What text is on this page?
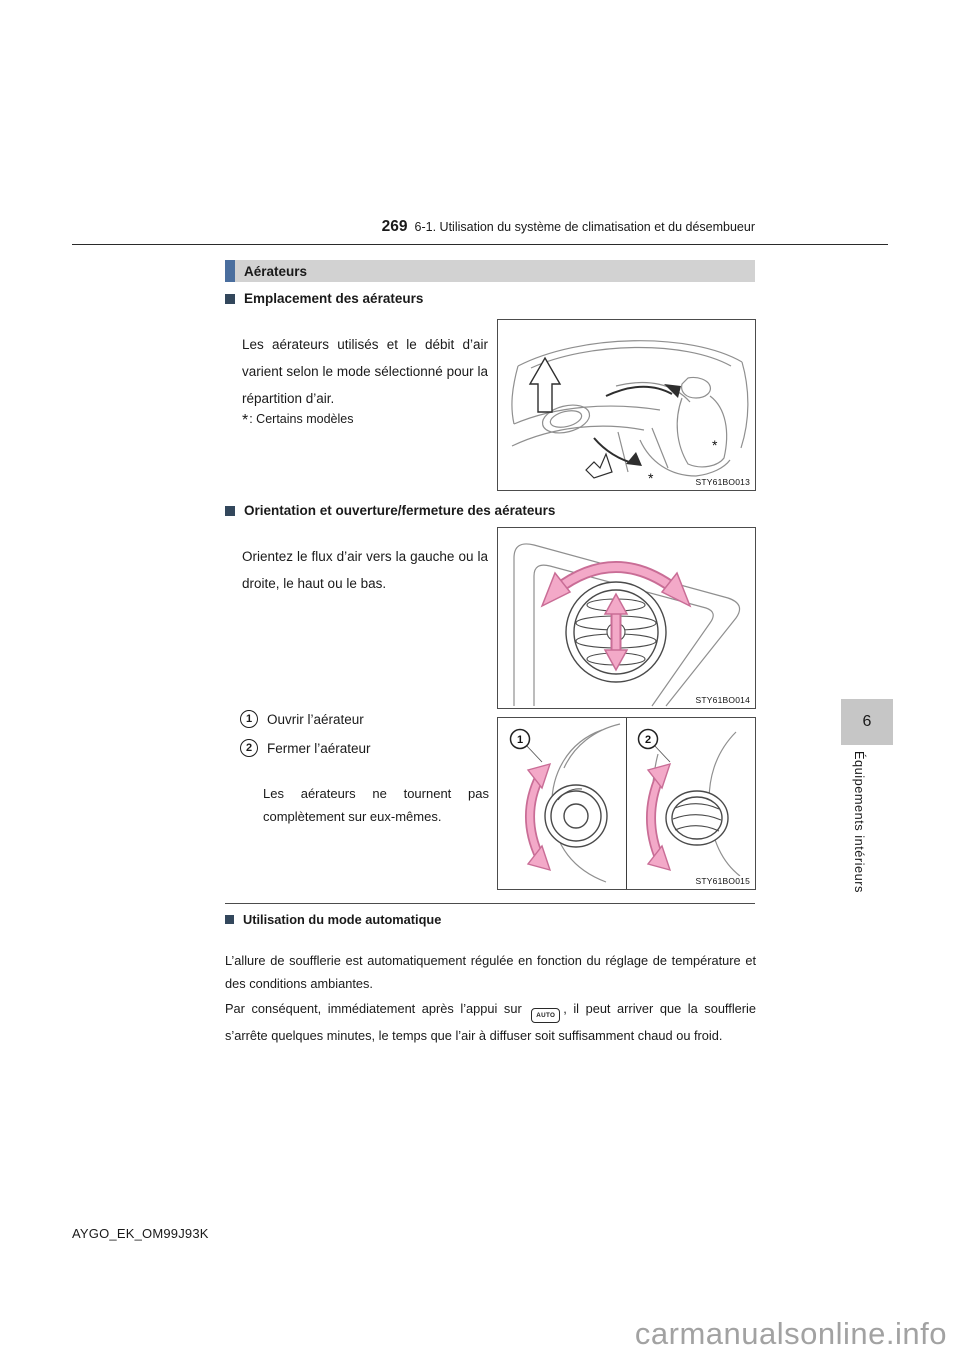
269 6-1. Utilisation du système de climatisation et du désembueur
Aérateurs
Emplacement des aérateurs

Les aérateurs utilisés et le débit d’air varient selon le mode sélectionné pour la répartition d’air.

*: Certains modèles

*
*
STY61BO013
Orientation et ouverture/fermeture des aérateurs

Orientez le flux d’air vers la gauche ou la droite, le haut ou le bas.

STY61BO014
1	Ouvrir l’aérateur
2	Fermer l’aérateur

Les aérateurs ne tournent pas complètement sur eux-mêmes.

1	2
STY61BO015
Utilisation du mode automatique

L’allure de soufflerie est automatiquement régulée en fonction du réglage de température et des conditions ambiantes.

Par conséquent, immédiatement après l’appui sur AUTO , il peut arriver que la soufflerie s’arrête quelques minutes, le temps que l’air à diffuser soit suffisamment chaud ou froid.

6
Équipements intérieurs
AYGO_EK_OM99J93K
carmanualsonline.info
